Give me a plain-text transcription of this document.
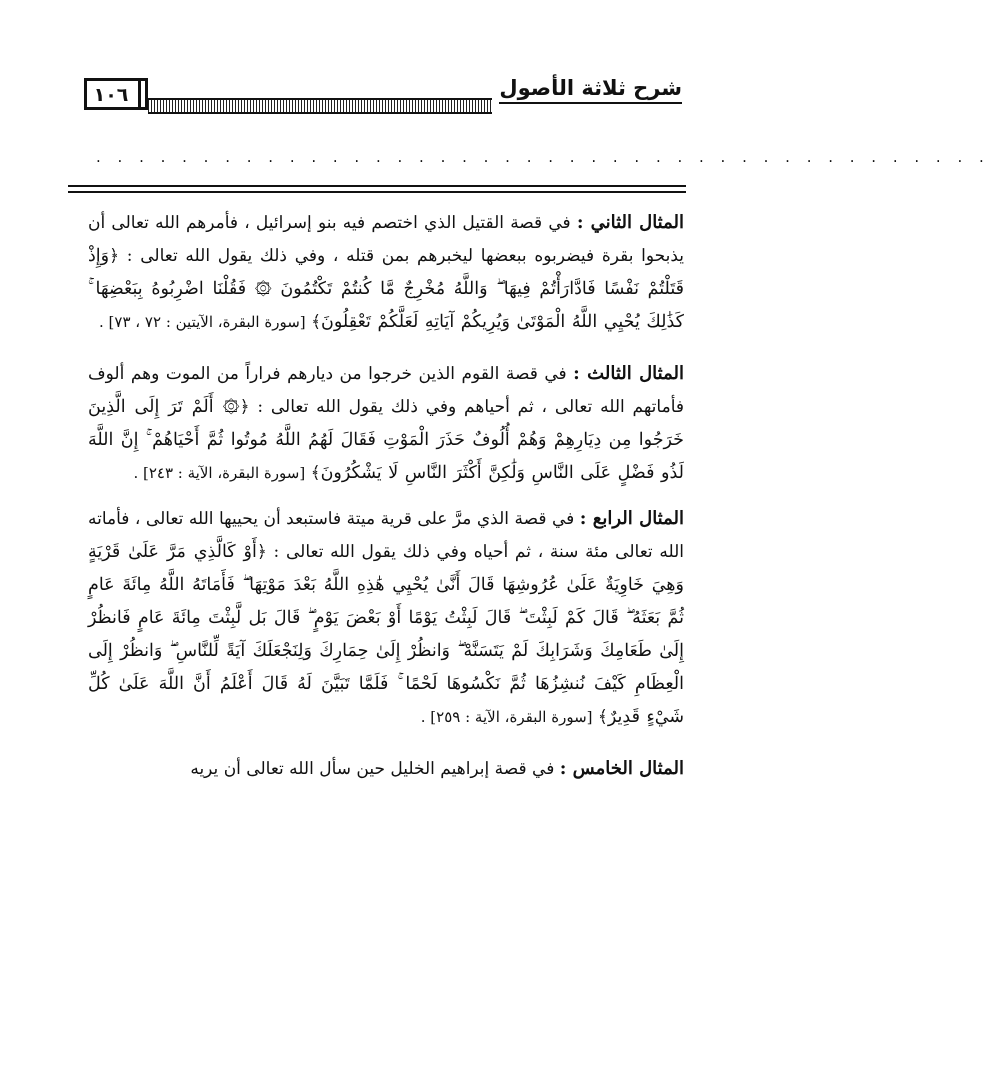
شرح ثلاثة الأصول
١٠٦
. . . . . . . . . . . . . . . . . . . . . . . . . . . . . . . . . . . . . . . . . .

المثال الثاني : في قصة القتيل الذي اختصم فيه بنو إسرائيل ، فأمرهم الله تعالى أن يذبحوا بقرة فيضربوه ببعضها ليخبرهم بمن قتله ، وفي ذلك يقول الله تعالى : ﴿وَإِذْ قَتَلْتُمْ نَفْسًا فَادَّارَأْتُمْ فِيهَا ۖ وَاللَّهُ مُخْرِجٌ مَّا كُنتُمْ تَكْتُمُونَ ۞ فَقُلْنَا اضْرِبُوهُ بِبَعْضِهَا ۚ كَذَٰلِكَ يُحْيِي اللَّهُ الْمَوْتَىٰ وَيُرِيكُمْ آيَاتِهِ لَعَلَّكُمْ تَعْقِلُونَ﴾ [سورة البقرة، الآيتين : ٧٢ ، ٧٣] .

المثال الثالث : في قصة القوم الذين خرجوا من ديارهم فراراً من الموت وهم ألوف فأماتهم الله تعالى ، ثم أحياهم وفي ذلك يقول الله تعالى : ﴿۞ أَلَمْ تَرَ إِلَى الَّذِينَ خَرَجُوا مِن دِيَارِهِمْ وَهُمْ أُلُوفٌ حَذَرَ الْمَوْتِ فَقَالَ لَهُمُ اللَّهُ مُوتُوا ثُمَّ أَحْيَاهُمْ ۚ إِنَّ اللَّهَ لَذُو فَضْلٍ عَلَى النَّاسِ وَلَٰكِنَّ أَكْثَرَ النَّاسِ لَا يَشْكُرُونَ﴾ [سورة البقرة، الآية : ٢٤٣] .

المثال الرابع : في قصة الذي مرَّ على قرية ميتة فاستبعد أن يحييها الله تعالى ، فأماته الله تعالى مئة سنة ، ثم أحياه وفي ذلك يقول الله تعالى : ﴿أَوْ كَالَّذِي مَرَّ عَلَىٰ قَرْيَةٍ وَهِيَ خَاوِيَةٌ عَلَىٰ عُرُوشِهَا قَالَ أَنَّىٰ يُحْيِي هَٰذِهِ اللَّهُ بَعْدَ مَوْتِهَا ۖ فَأَمَاتَهُ اللَّهُ مِائَةَ عَامٍ ثُمَّ بَعَثَهُ ۖ قَالَ كَمْ لَبِثْتَ ۖ قَالَ لَبِثْتُ يَوْمًا أَوْ بَعْضَ يَوْمٍ ۖ قَالَ بَل لَّبِثْتَ مِائَةَ عَامٍ فَانظُرْ إِلَىٰ طَعَامِكَ وَشَرَابِكَ لَمْ يَتَسَنَّهْ ۖ وَانظُرْ إِلَىٰ حِمَارِكَ وَلِنَجْعَلَكَ آيَةً لِّلنَّاسِ ۖ وَانظُرْ إِلَى الْعِظَامِ كَيْفَ نُنشِزُهَا ثُمَّ نَكْسُوهَا لَحْمًا ۚ فَلَمَّا تَبَيَّنَ لَهُ قَالَ أَعْلَمُ أَنَّ اللَّهَ عَلَىٰ كُلِّ شَيْءٍ قَدِيرٌ﴾ [سورة البقرة، الآية : ٢٥٩] .

المثال الخامس : في قصة إبراهيم الخليل حين سأل الله تعالى أن يريه
